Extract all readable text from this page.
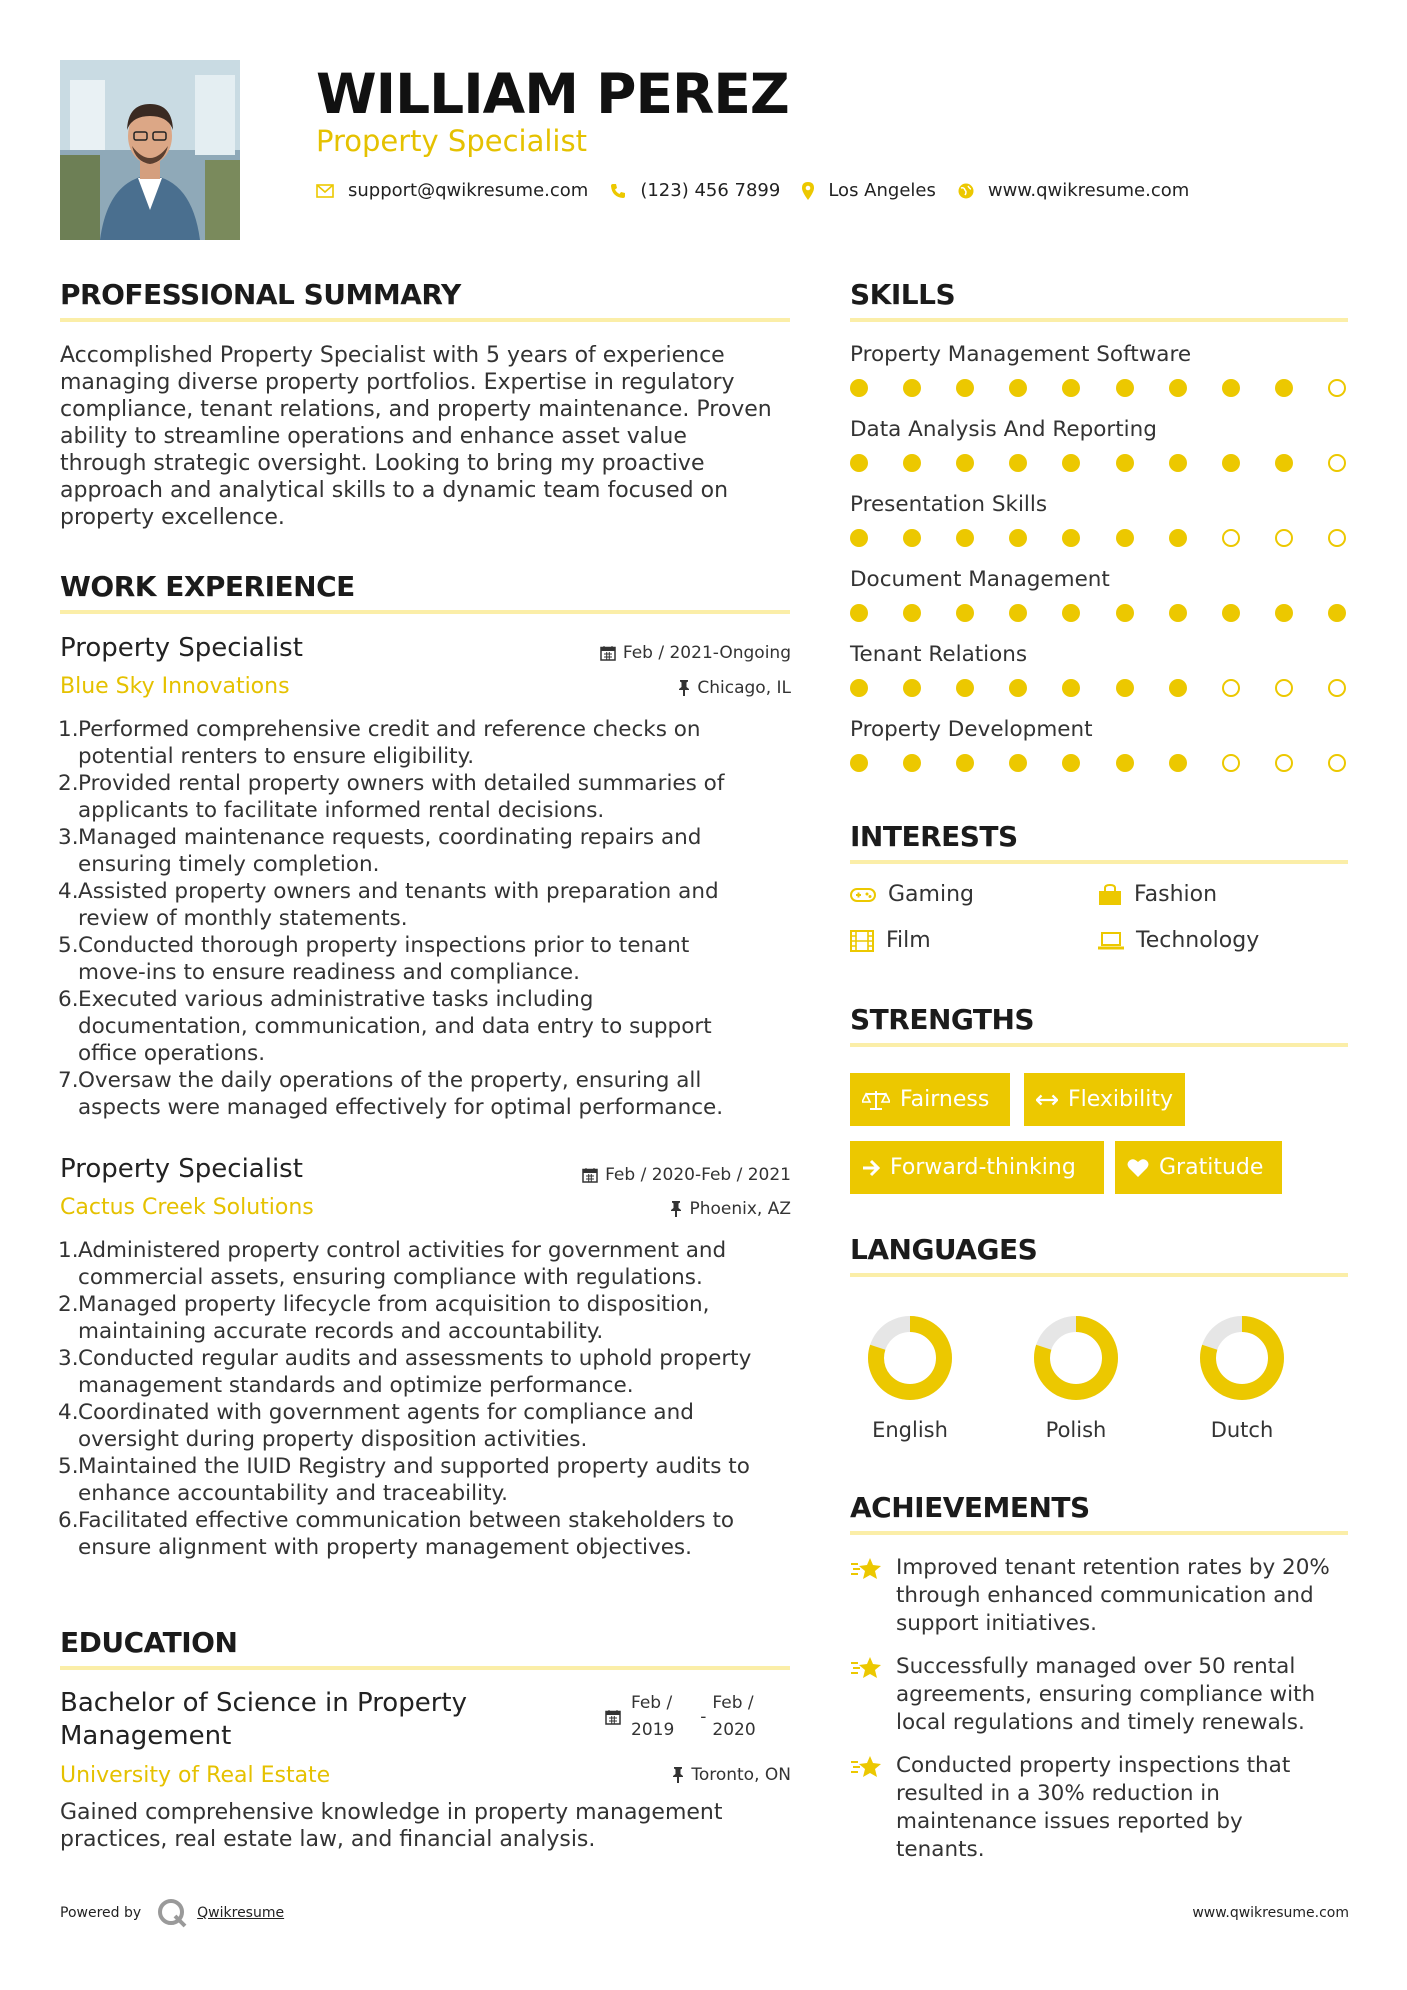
WILLIAM PEREZ
Property Specialist
support@qwikresume.com	(123) 456 7899	Los Angeles	www.qwikresume.com
PROFESSIONAL SUMMARY
Accomplished Property Specialist with 5 years of experience
managing diverse property portfolios. Expertise in regulatory
compliance, tenant relations, and property maintenance. Proven
ability to streamline operations and enhance asset value
through strategic oversight. Looking to bring my proactive
approach and analytical skills to a dynamic team focused on
property excellence.
WORK EXPERIENCE
Property Specialist	Feb / 2021-Ongoing
Blue Sky Innovations	Chicago, IL
Performed comprehensive credit and reference checks on
potential renters to ensure eligibility.
Provided rental property owners with detailed summaries of
applicants to facilitate informed rental decisions.
Managed maintenance requests, coordinating repairs and
ensuring timely completion.
Assisted property owners and tenants with preparation and
review of monthly statements.
Conducted thorough property inspections prior to tenant
move-ins to ensure readiness and compliance.
Executed various administrative tasks including
documentation, communication, and data entry to support
office operations.
Oversaw the daily operations of the property, ensuring all
aspects were managed effectively for optimal performance.
Property Specialist	Feb / 2020-Feb / 2021
Cactus Creek Solutions	Phoenix, AZ
Administered property control activities for government and
commercial assets, ensuring compliance with regulations.
Managed property lifecycle from acquisition to disposition,
maintaining accurate records and accountability.
Conducted regular audits and assessments to uphold property
management standards and optimize performance.
Coordinated with government agents for compliance and
oversight during property disposition activities.
Maintained the IUID Registry and supported property audits to
enhance accountability and traceability.
Facilitated effective communication between stakeholders to
ensure alignment with property management objectives.
EDUCATION
Bachelor of Science in Property
Management
Feb /
2019
-
Feb /
2020
University of Real Estate	Toronto, ON
Gained comprehensive knowledge in property management
practices, real estate law, and financial analysis.
SKILLS
Property Management Software
Data Analysis And Reporting
Presentation Skills
Document Management
Tenant Relations
Property Development
INTERESTS
Gaming	Fashion
Film	Technology
STRENGTHS
Fairness	Flexibility
Forward-thinking	Gratitude
LANGUAGES
English	Polish	Dutch
ACHIEVEMENTS
Improved tenant retention rates by 20%
through enhanced communication and
support initiatives.
Successfully managed over 50 rental
agreements, ensuring compliance with
local regulations and timely renewals.
Conducted property inspections that
resulted in a 30% reduction in
maintenance issues reported by
tenants.
Powered by	Qwikresume	www.qwikresume.com
